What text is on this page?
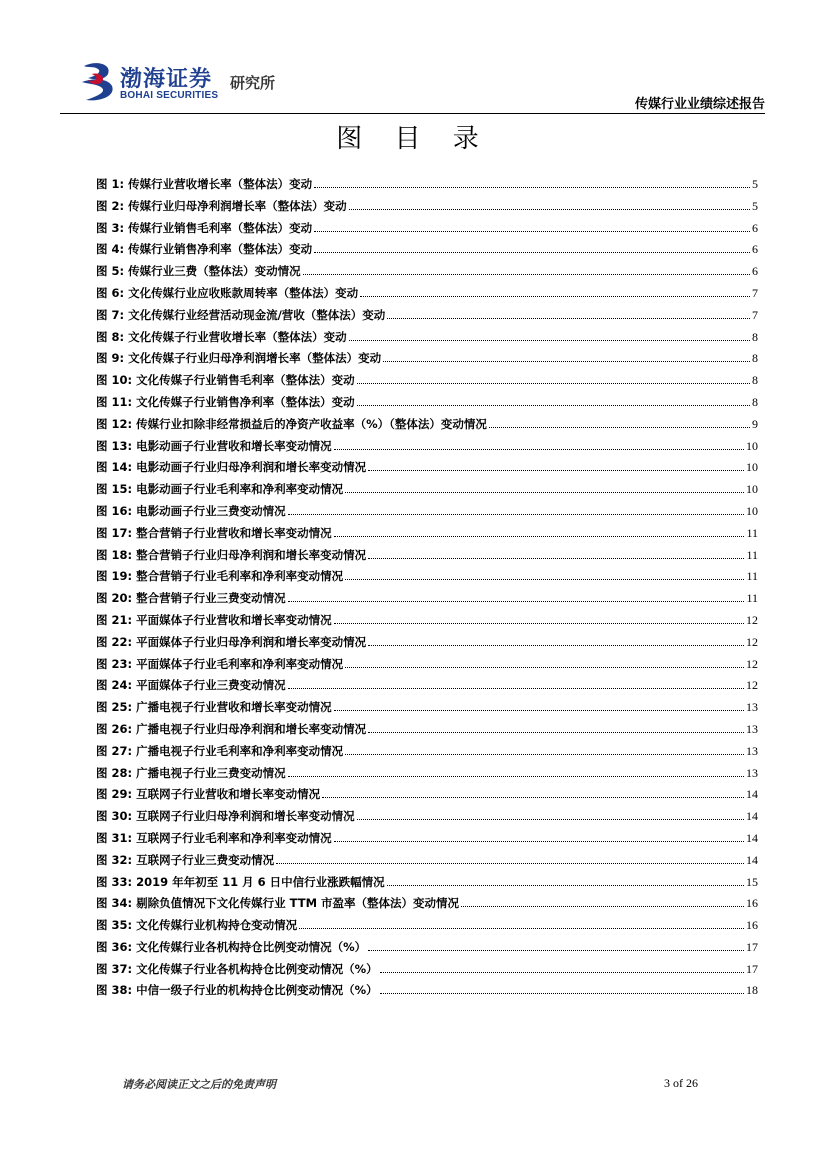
渤海证券
BOHAI SECURITIES
研究所
传媒行业业绩综述报告
图 目 录
图 1: 传媒行业营收增长率（整体法）变动	5
图 2: 传媒行业归母净利润增长率（整体法）变动	5
图 3: 传媒行业销售毛利率（整体法）变动	6
图 4: 传媒行业销售净利率（整体法）变动	6
图 5: 传媒行业三费（整体法）变动情况	6
图 6: 文化传媒行业应收账款周转率（整体法）变动	7
图 7: 文化传媒行业经营活动现金流/营收（整体法）变动	7
图 8: 文化传媒子行业营收增长率（整体法）变动	8
图 9: 文化传媒子行业归母净利润增长率（整体法）变动	8
图 10: 文化传媒子行业销售毛利率（整体法）变动	8
图 11: 文化传媒子行业销售净利率（整体法）变动	8
图 12: 传媒行业扣除非经常损益后的净资产收益率（%）（整体法）变动情况	9
图 13: 电影动画子行业营收和增长率变动情况	10
图 14: 电影动画子行业归母净利润和增长率变动情况	10
图 15: 电影动画子行业毛利率和净利率变动情况	10
图 16: 电影动画子行业三费变动情况	10
图 17: 整合营销子行业营收和增长率变动情况	11
图 18: 整合营销子行业归母净利润和增长率变动情况	11
图 19: 整合营销子行业毛利率和净利率变动情况	11
图 20: 整合营销子行业三费变动情况	11
图 21: 平面媒体子行业营收和增长率变动情况	12
图 22: 平面媒体子行业归母净利润和增长率变动情况	12
图 23: 平面媒体子行业毛利率和净利率变动情况	12
图 24: 平面媒体子行业三费变动情况	12
图 25: 广播电视子行业营收和增长率变动情况	13
图 26: 广播电视子行业归母净利润和增长率变动情况	13
图 27: 广播电视子行业毛利率和净利率变动情况	13
图 28: 广播电视子行业三费变动情况	13
图 29: 互联网子行业营收和增长率变动情况	14
图 30: 互联网子行业归母净利润和增长率变动情况	14
图 31: 互联网子行业毛利率和净利率变动情况	14
图 32: 互联网子行业三费变动情况	14
图 33: 2019 年年初至 11 月 6 日中信行业涨跌幅情况	15
图 34: 剔除负值情况下文化传媒行业 TTM 市盈率（整体法）变动情况	16
图 35: 文化传媒行业机构持仓变动情况	16
图 36: 文化传媒行业各机构持仓比例变动情况（%）	17
图 37: 文化传媒子行业各机构持仓比例变动情况（%）	17
图 38: 中信一级子行业的机构持仓比例变动情况（%）	18
请务必阅读正文之后的免责声明	3 of 26
